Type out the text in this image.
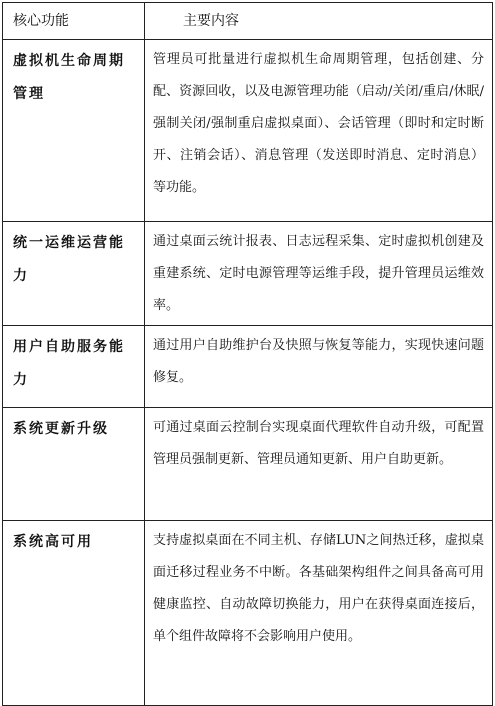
核心功能	主要内容
虚拟机生命周期管理	管理员可批量进行虚拟机生命周期管理，包括创建、分配、资源回收，以及电源管理功能（启动/关闭/重启/休眠/强制关闭/强制重启虚拟桌面）、会话管理（即时和定时断开、注销会话）、消息管理（发送即时消息、定时消息）等功能。
统一运维运营能力	通过桌面云统计报表、日志远程采集、定时虚拟机创建及重建系统、定时电源管理等运维手段，提升管理员运维效率。
用户自助服务能力	通过用户自助维护台及快照与恢复等能力，实现快速问题修复。
系统更新升级	可通过桌面云控制台实现桌面代理软件自动升级，可配置管理员强制更新、管理员通知更新、用户自助更新。
系统高可用	支持虚拟桌面在不同主机、存储LUN之间热迁移，虚拟桌面迁移过程业务不中断。各基础架构组件之间具备高可用健康监控、自动故障切换能力，用户在获得桌面连接后，单个组件故障将不会影响用户使用。
